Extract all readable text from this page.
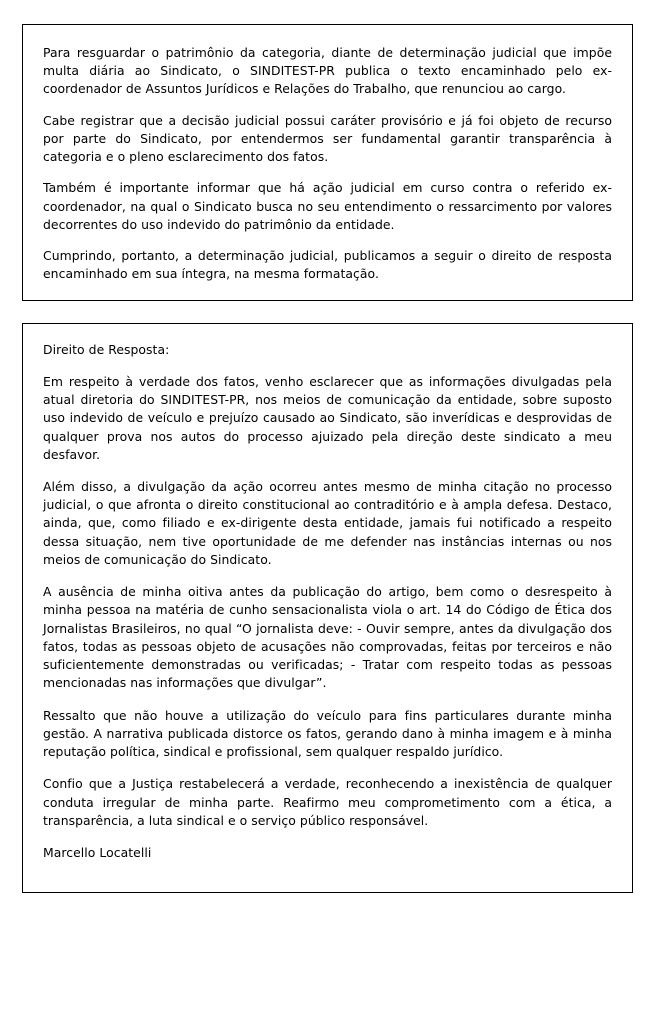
Para resguardar o patrimônio da categoria, diante de determinação judicial que impõe multa diária ao Sindicato, o SINDITEST-PR publica o texto encaminhado pelo ex-coordenador de Assuntos Jurídicos e Relações do Trabalho, que renunciou ao cargo.

Cabe registrar que a decisão judicial possui caráter provisório e já foi objeto de recurso por parte do Sindicato, por entendermos ser fundamental garantir transparência à categoria e o pleno esclarecimento dos fatos.

Também é importante informar que há ação judicial em curso contra o referido ex-coordenador, na qual o Sindicato busca no seu entendimento o ressarcimento por valores decorrentes do uso indevido do patrimônio da entidade.

Cumprindo, portanto, a determinação judicial, publicamos a seguir o direito de resposta encaminhado em sua íntegra, na mesma formatação.

Direito de Resposta:

Em respeito à verdade dos fatos, venho esclarecer que as informações divulgadas pela atual diretoria do SINDITEST-PR, nos meios de comunicação da entidade, sobre suposto uso indevido de veículo e prejuízo causado ao Sindicato, são inverídicas e desprovidas de qualquer prova nos autos do processo ajuizado pela direção deste sindicato a meu desfavor.

Além disso, a divulgação da ação ocorreu antes mesmo de minha citação no processo judicial, o que afronta o direito constitucional ao contraditório e à ampla defesa. Destaco, ainda, que, como filiado e ex-dirigente desta entidade, jamais fui notificado a respeito dessa situação, nem tive oportunidade de me defender nas instâncias internas ou nos meios de comunicação do Sindicato.

A ausência de minha oitiva antes da publicação do artigo, bem como o desrespeito à minha pessoa na matéria de cunho sensacionalista viola o art. 14 do Código de Ética dos Jornalistas Brasileiros, no qual “O jornalista deve: - Ouvir sempre, antes da divulgação dos fatos, todas as pessoas objeto de acusações não comprovadas, feitas por terceiros e não suficientemente demonstradas ou verificadas; - Tratar com respeito todas as pessoas mencionadas nas informações que divulgar”.

Ressalto que não houve a utilização do veículo para fins particulares durante minha gestão. A narrativa publicada distorce os fatos, gerando dano à minha imagem e à minha reputação política, sindical e profissional, sem qualquer respaldo jurídico.

Confio que a Justiça restabelecerá a verdade, reconhecendo a inexistência de qualquer conduta irregular de minha parte. Reafirmo meu comprometimento com a ética, a transparência, a luta sindical e o serviço público responsável.

Marcello Locatelli
